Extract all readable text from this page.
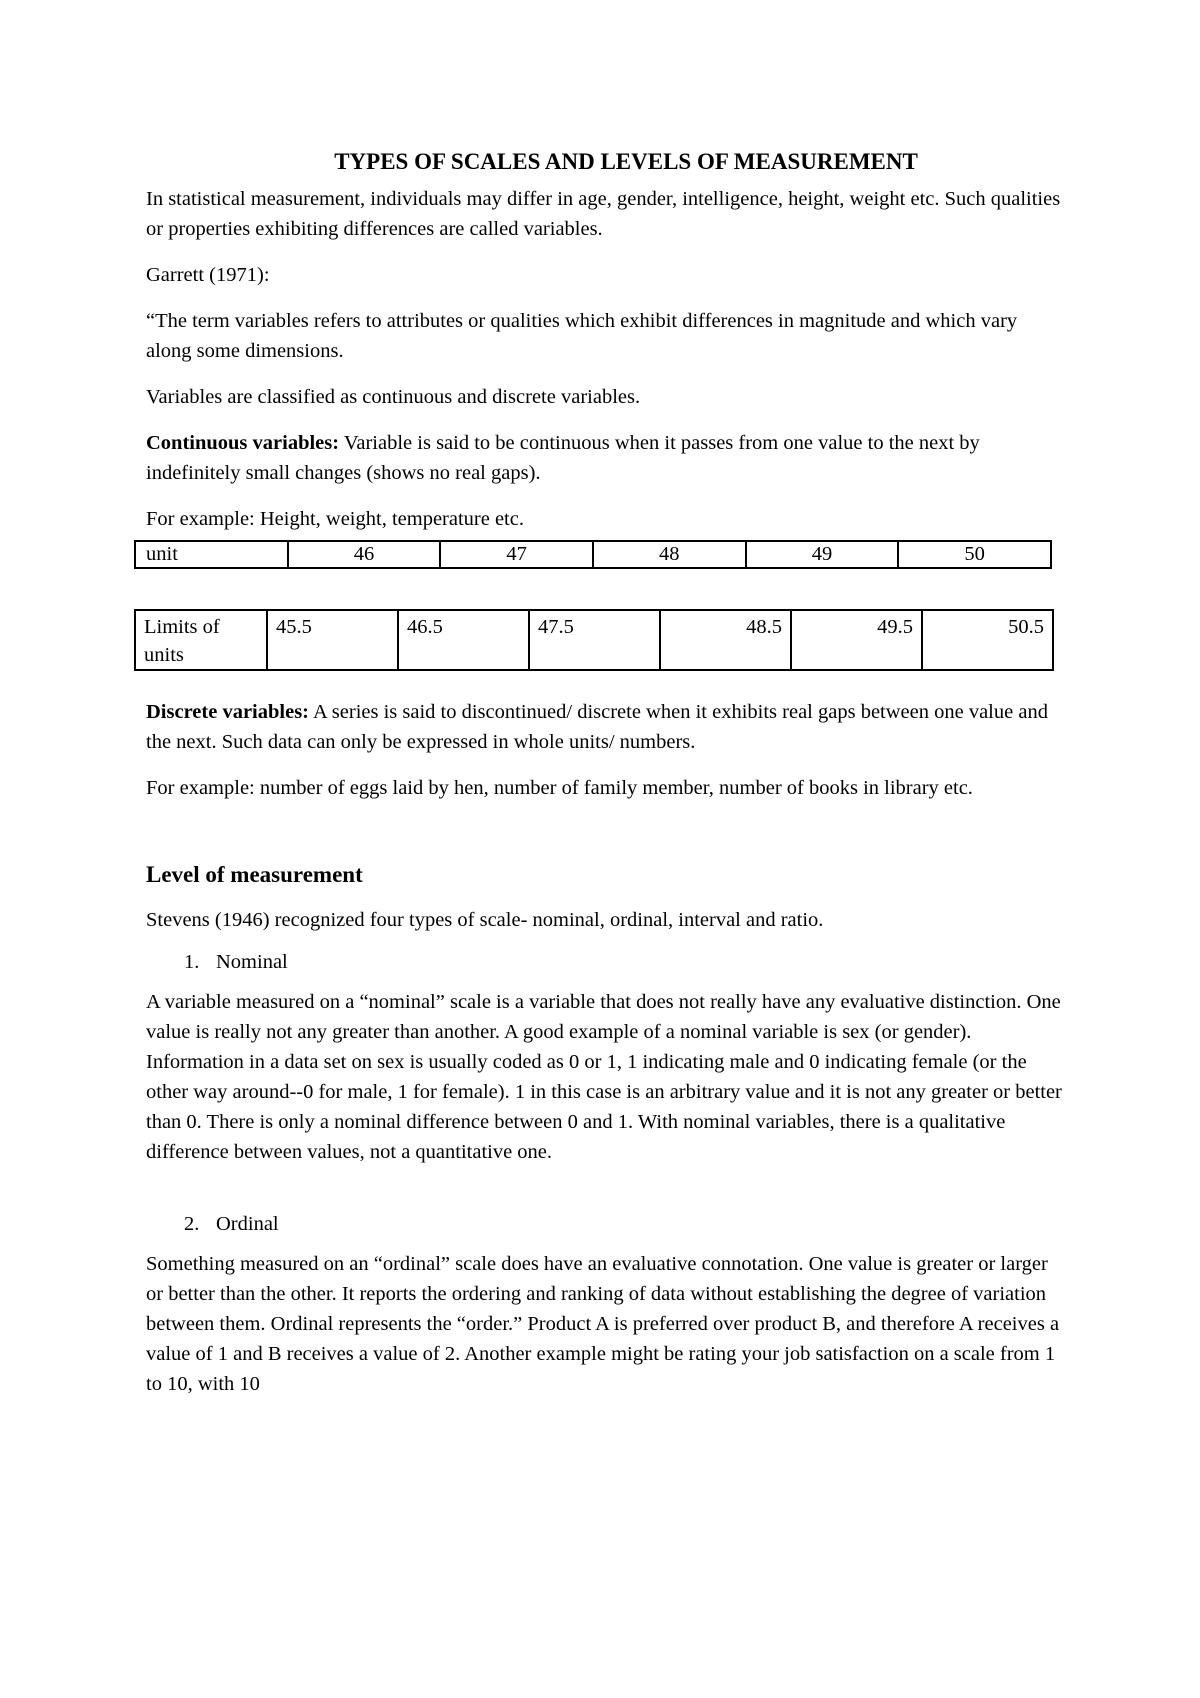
TYPES OF SCALES AND LEVELS OF MEASUREMENT

In statistical measurement, individuals may differ in age, gender, intelligence, height, weight etc. Such qualities or properties exhibiting differences are called variables.

Garrett (1971):

“The term variables refers to attributes or qualities which exhibit differences in magnitude and which vary along some dimensions.

Variables are classified as continuous and discrete variables.

Continuous variables: Variable is said to be continuous when it passes from one value to the next by indefinitely small changes (shows no real gaps).

For example: Height, weight, temperature etc.

unit	46	47	48	49	50
Limits of units	45.5	46.5	47.5	48.5	49.5	50.5

Discrete variables: A series is said to discontinued/ discrete when it exhibits real gaps between one value and the next. Such data can only be expressed in whole units/ numbers.

For example: number of eggs laid by hen, number of family member, number of books in library etc.

Level of measurement

Stevens (1946) recognized four types of scale- nominal, ordinal, interval and ratio.

1. Nominal

A variable measured on a “nominal” scale is a variable that does not really have any evaluative distinction. One value is really not any greater than another. A good example of a nominal variable is sex (or gender). Information in a data set on sex is usually coded as 0 or 1, 1 indicating male and 0 indicating female (or the other way around--0 for male, 1 for female). 1 in this case is an arbitrary value and it is not any greater or better than 0. There is only a nominal difference between 0 and 1. With nominal variables, there is a qualitative difference between values, not a quantitative one.

2. Ordinal

Something measured on an “ordinal” scale does have an evaluative connotation. One value is greater or larger or better than the other. It reports the ordering and ranking of data without establishing the degree of variation between them. Ordinal represents the “order.” Product A is preferred over product B, and therefore A receives a value of 1 and B receives a value of 2. Another example might be rating your job satisfaction on a scale from 1 to 10, with 10
